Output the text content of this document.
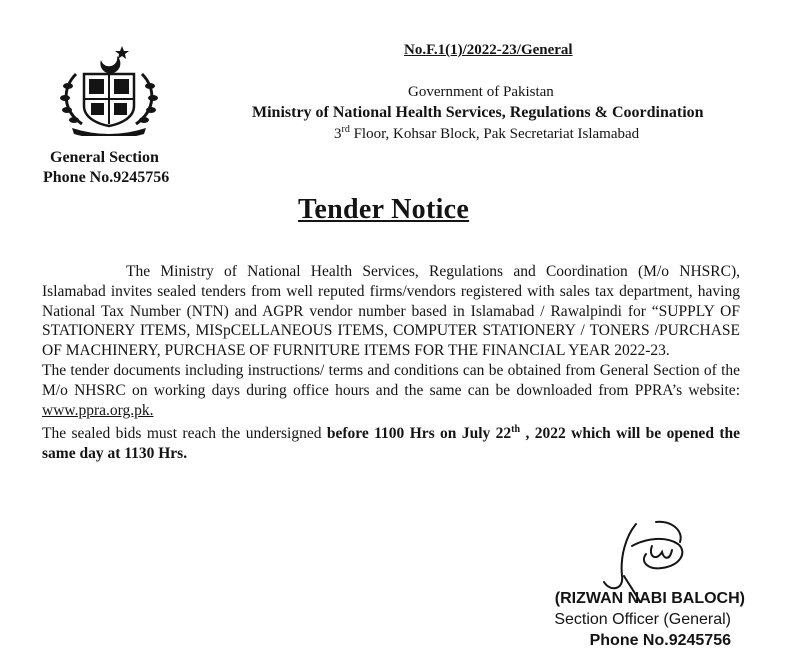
No.F.1(1)/2022-23/General
Government of Pakistan
Ministry of National Health Services, Regulations & Coordination
3rd Floor, Kohsar Block, Pak Secretariat Islamabad
General Section
Phone No.9245756
Tender Notice

The Ministry of National Health Services, Regulations and Coordination (M/o NHSRC), Islamabad invites sealed tenders from well reputed firms/vendors registered with sales tax department, having National Tax Number (NTN) and AGPR vendor number based in Islamabad / Rawalpindi for “SUPPLY OF STATIONERY ITEMS, MISpCELLANEOUS ITEMS, COMPUTER STATIONERY / TONERS /PURCHASE OF MACHINERY, PURCHASE OF FURNITURE ITEMS FOR THE FINANCIAL YEAR 2022-23.

The tender documents including instructions/ terms and conditions can be obtained from General Section of the M/o NHSRC on working days during office hours and the same can be downloaded from PPRA’s website: www.ppra.org.pk.

The sealed bids must reach the undersigned before 1100 Hrs on July 22th , 2022 which will be opened the same day at 1130 Hrs.

(RIZWAN NABI BALOCH)
Section Officer (General)
Phone No.9245756
